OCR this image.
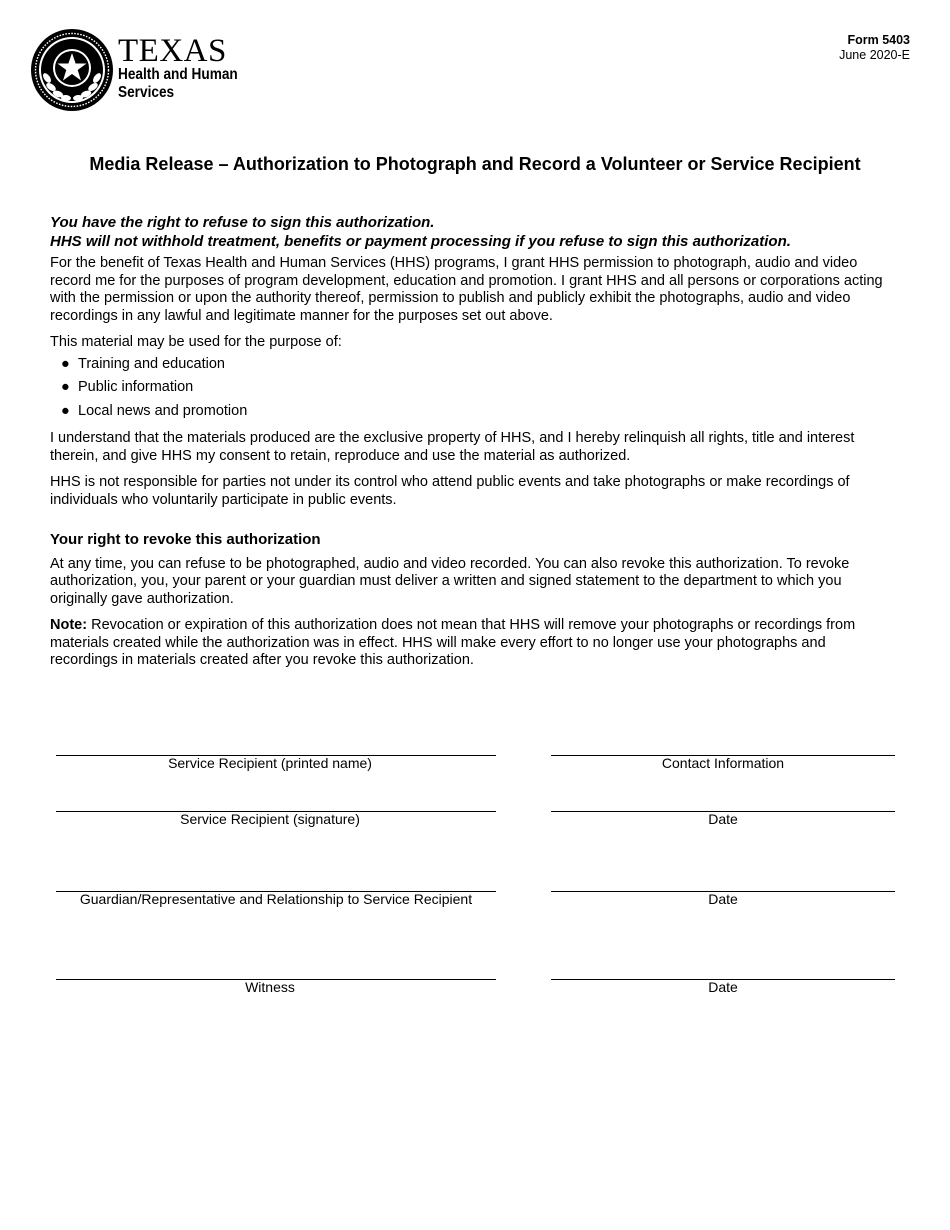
TEXAS
Health and Human
Services
Form 5403
June 2020-E
Media Release – Authorization to Photograph and Record a Volunteer or Service Recipient
You have the right to refuse to sign this authorization.
HHS will not withhold treatment, benefits or payment processing if you refuse to sign this authorization.

For the benefit of Texas Health and Human Services (HHS) programs, I grant HHS permission to photograph, audio and video record me for the purposes of program development, education and promotion. I grant HHS and all persons or corporations acting with the permission or upon the authority thereof, permission to publish and publicly exhibit the photographs, audio and video recordings in any lawful and legitimate manner for the purposes set out above.

This material may be used for the purpose of:

● Training and education
● Public information
● Local news and promotion

I understand that the materials produced are the exclusive property of HHS, and I hereby relinquish all rights, title and interest therein, and give HHS my consent to retain, reproduce and use the material as authorized.

HHS is not responsible for parties not under its control who attend public events and take photographs or make recordings of individuals who voluntarily participate in public events.

Your right to revoke this authorization

At any time, you can refuse to be photographed, audio and video recorded. You can also revoke this authorization. To revoke authorization, you, your parent or your guardian must deliver a written and signed statement to the department to which you originally gave authorization.

Note: Revocation or expiration of this authorization does not mean that HHS will remove your photographs or recordings from materials created while the authorization was in effect. HHS will make every effort to no longer use your photographs and recordings in materials created after you revoke this authorization.

Service Recipient (printed name)	Contact Information
Service Recipient (signature)	Date
Guardian/Representative and Relationship to Service Recipient	Date
Witness	Date
